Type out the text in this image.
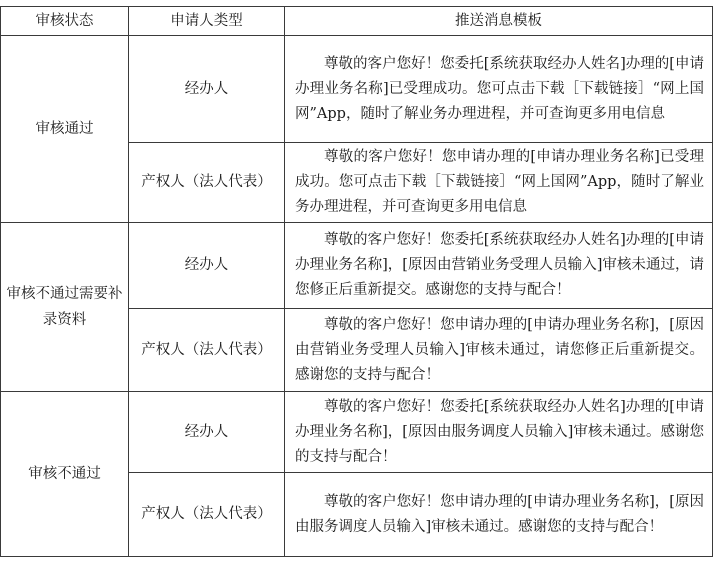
审核状态	申请人类型	推送消息模板
审核通过	经办人	尊敬的客户您好！您委托[系统获取经办人姓名]办理的[申请办理业务名称]已受理成功。您可点击下载［下载链接］“网上国网”App，随时了解业务办理进程，并可查询更多用电信息

	产权人（法人代表）	尊敬的客户您好！您申请办理的[申请办理业务名称]已受理成功。您可点击下载［下载链接］“网上国网”App，随时了解业务办理进程，并可查询更多用电信息

审核不通过需要补录资料	经办人	尊敬的客户您好！您委托[系统获取经办人姓名]办理的[申请办理业务名称]，[原因由营销业务受理人员输入]审核未通过，请您修正后重新提交。感谢您的支持与配合！

	产权人（法人代表）	尊敬的客户您好！您申请办理的[申请办理业务名称]，[原因由营销业务受理人员输入]审核未通过，请您修正后重新提交。感谢您的支持与配合！

审核不通过	经办人	尊敬的客户您好！您委托[系统获取经办人姓名]办理的[申请办理业务名称]，[原因由服务调度人员输入]审核未通过。感谢您的支持与配合！

	产权人（法人代表）	尊敬的客户您好！您申请办理的[申请办理业务名称]，[原因由服务调度人员输入]审核未通过。感谢您的支持与配合！
